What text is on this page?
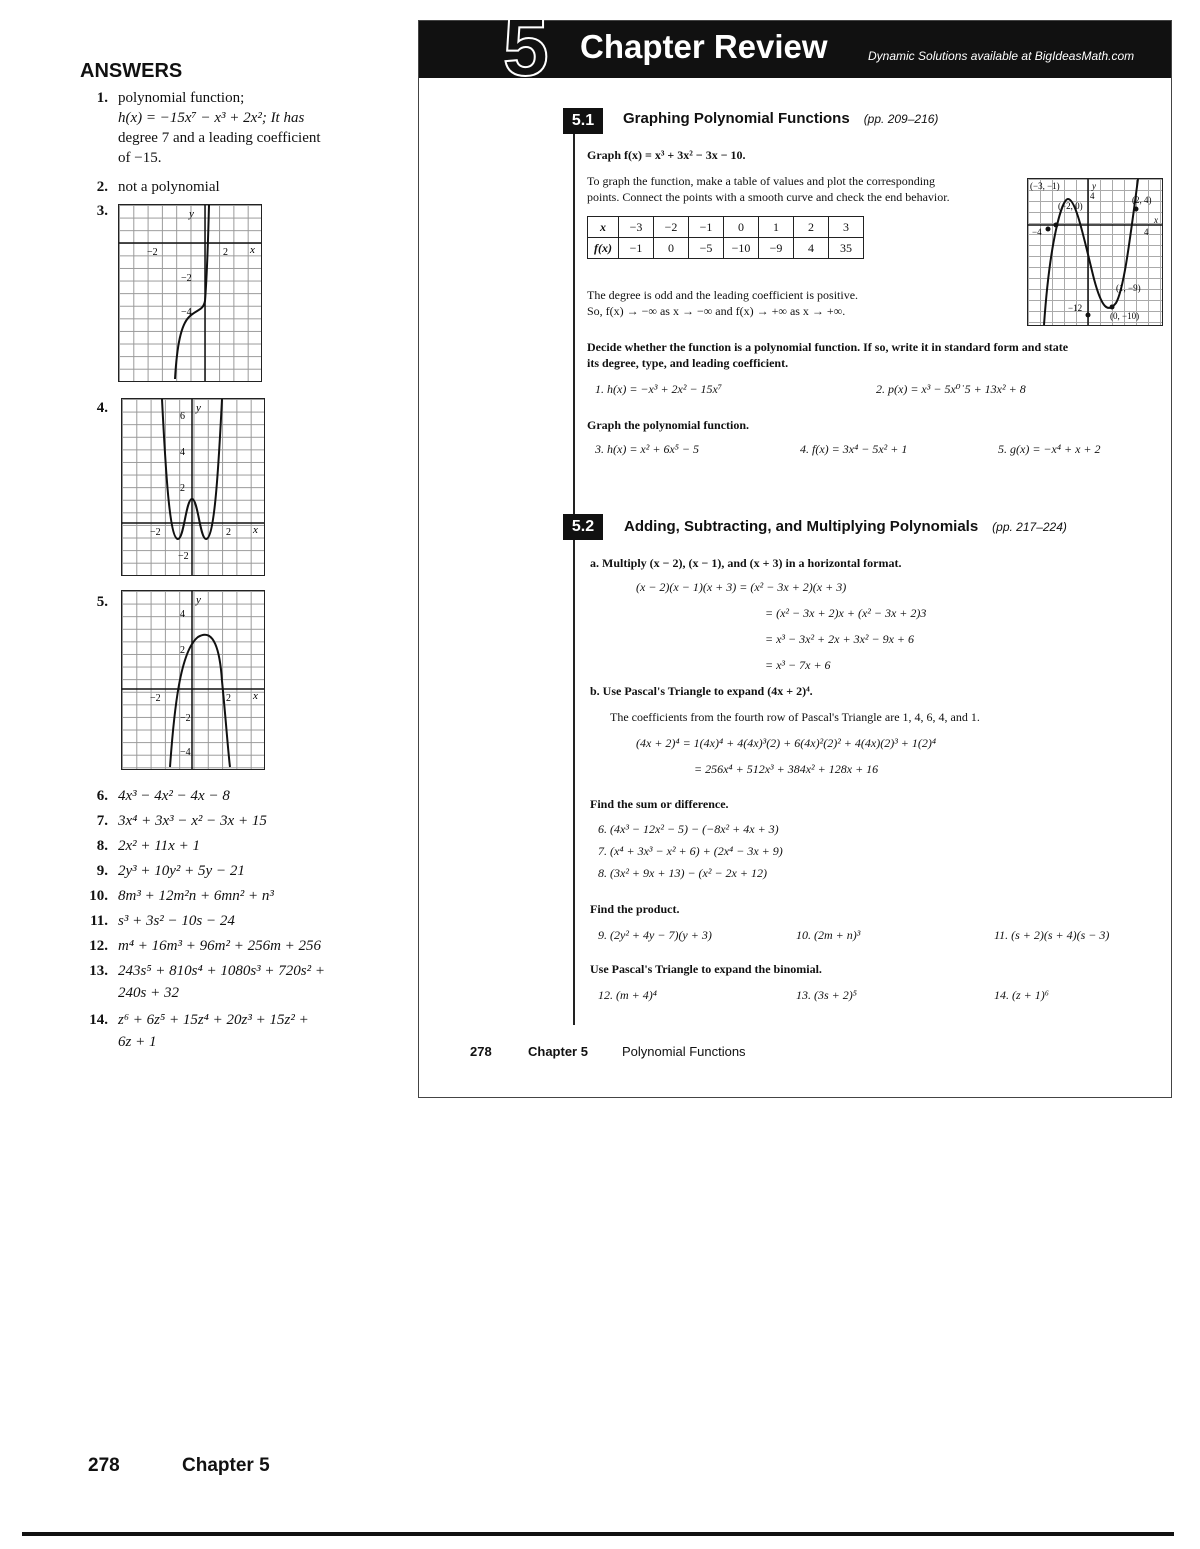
ANSWERS
1. polynomial function;
h(x) = −15x⁷ − x³ + 2x²; It has
degree 7 and a leading coefficient
of −15.
2. not a polynomial
3.	y
x
−2	2
−2
−4
4.	y
x
6
4
2
−2	2
−2
5.	y
x
4
2
−2	2
−2
−4
6. 4x³ − 4x² − 4x − 8
7. 3x⁴ + 3x³ − x² − 3x + 15
8. 2x² + 11x + 1
9. 2y³ + 10y² + 5y − 21
10. 8m³ + 12m²n + 6mn² + n³
11. s³ + 3s² − 10s − 24
12. m⁴ + 16m³ + 96m² + 256m + 256
13. 243s⁵ + 810s⁴ + 1080s³ + 720s² +
240s + 32
14. z⁶ + 6z⁵ + 15z⁴ + 20z³ + 15z² +
6z + 1
278	Chapter 5
5 Chapter Review	Dynamic Solutions available at BigIdeasMath.com
5.1	Graphing Polynomial Functions (pp. 209–216)
Graph f(x) = x³ + 3x² − 3x − 10.
To graph the function, make a table of values and plot the corresponding
points. Connect the points with a smooth curve and check the end behavior.
x	−3	−2	−1	0	1	2	3
f(x)	−1	0	−5	−10	−9	4	35
(−3, −1)
(−2, 0)
(2, 4)
(1, −9)
(0, −10)
4
4
−4
−12
y
x
The degree is odd and the leading coefficient is positive.
So, f(x) → −∞ as x → −∞ and f(x) → +∞ as x → +∞.
Decide whether the function is a polynomial function. If so, write it in standard form and state
its degree, type, and leading coefficient.
1. h(x) = −x³ + 2x² − 15x⁷	2. p(x) = x³ − 5x⁰˙5 + 13x² + 8
Graph the polynomial function.
3. h(x) = x² + 6x⁵ − 5	4. f(x) = 3x⁴ − 5x² + 1	5. g(x) = −x⁴ + x + 2
5.2	Adding, Subtracting, and Multiplying Polynomials (pp. 217–224)
a. Multiply (x − 2), (x − 1), and (x + 3) in a horizontal format.
(x − 2)(x − 1)(x + 3) = (x² − 3x + 2)(x + 3)
= (x² − 3x + 2)x + (x² − 3x + 2)3
= x³ − 3x² + 2x + 3x² − 9x + 6
= x³ − 7x + 6
b. Use Pascal's Triangle to expand (4x + 2)⁴.
The coefficients from the fourth row of Pascal's Triangle are 1, 4, 6, 4, and 1.
(4x + 2)⁴ = 1(4x)⁴ + 4(4x)³(2) + 6(4x)²(2)² + 4(4x)(2)³ + 1(2)⁴
= 256x⁴ + 512x³ + 384x² + 128x + 16
Find the sum or difference.
6. (4x³ − 12x² − 5) − (−8x² + 4x + 3)
7. (x⁴ + 3x³ − x² + 6) + (2x⁴ − 3x + 9)
8. (3x² + 9x + 13) − (x² − 2x + 12)
Find the product.
9. (2y² + 4y − 7)(y + 3)	10. (2m + n)³	11. (s + 2)(s + 4)(s − 3)
Use Pascal's Triangle to expand the binomial.
12. (m + 4)⁴	13. (3s + 2)⁵	14. (z + 1)⁶
278	Chapter 5	Polynomial Functions
